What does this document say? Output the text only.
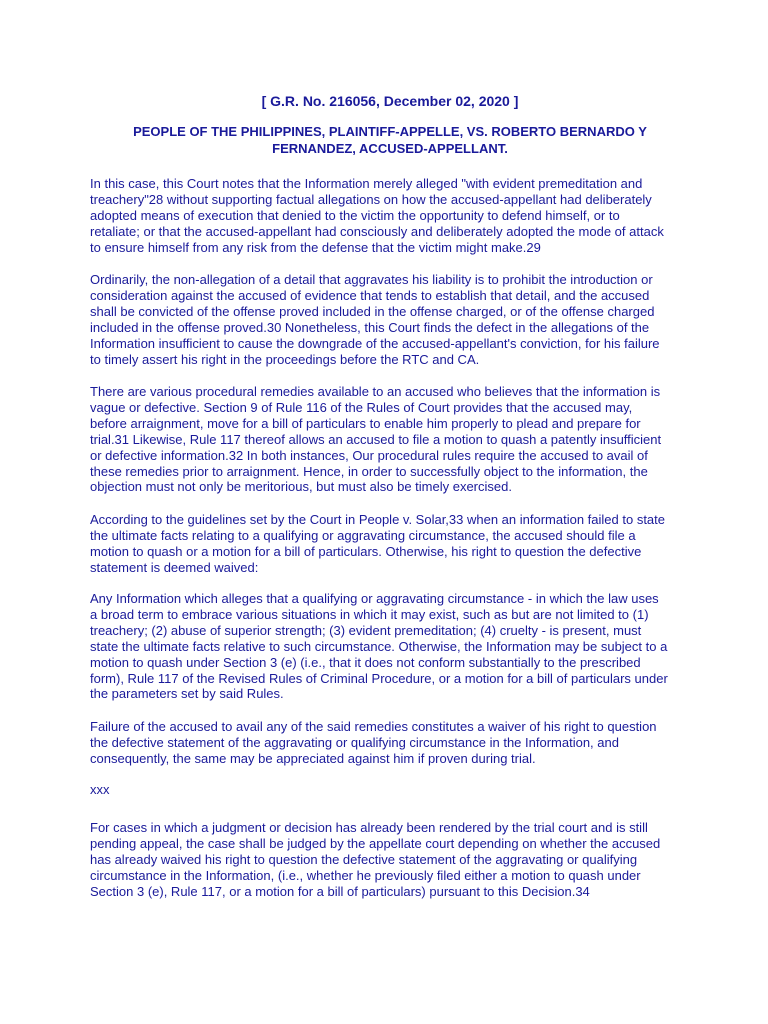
[ G.R. No. 216056, December 02, 2020 ]

PEOPLE OF THE PHILIPPINES, PLAINTIFF-APPELLE, VS. ROBERTO BERNARDO Y
FERNANDEZ, ACCUSED-APPELLANT.

In this case, this Court notes that the Information merely alleged "with evident premeditation and
treachery"28 without supporting factual allegations on how the accused-appellant had deliberately
adopted means of execution that denied to the victim the opportunity to defend himself, or to
retaliate; or that the accused-appellant had consciously and deliberately adopted the mode of attack
to ensure himself from any risk from the defense that the victim might make.29

Ordinarily, the non-allegation of a detail that aggravates his liability is to prohibit the introduction or
consideration against the accused of evidence that tends to establish that detail, and the accused
shall be convicted of the offense proved included in the offense charged, or of the offense charged
included in the offense proved.30 Nonetheless, this Court finds the defect in the allegations of the
Information insufficient to cause the downgrade of the accused-appellant's conviction, for his failure
to timely assert his right in the proceedings before the RTC and CA.

There are various procedural remedies available to an accused who believes that the information is
vague or defective. Section 9 of Rule 116 of the Rules of Court provides that the accused may,
before arraignment, move for a bill of particulars to enable him properly to plead and prepare for
trial.31 Likewise, Rule 117 thereof allows an accused to file a motion to quash a patently insufficient
or defective information.32 In both instances, Our procedural rules require the accused to avail of
these remedies prior to arraignment. Hence, in order to successfully object to the information, the
objection must not only be meritorious, but must also be timely exercised.

According to the guidelines set by the Court in People v. Solar,33 when an information failed to state
the ultimate facts relating to a qualifying or aggravating circumstance, the accused should file a
motion to quash or a motion for a bill of particulars. Otherwise, his right to question the defective
statement is deemed waived:

Any Information which alleges that a qualifying or aggravating circumstance - in which the law uses
a broad term to embrace various situations in which it may exist, such as but are not limited to (1)
treachery; (2) abuse of superior strength; (3) evident premeditation; (4) cruelty - is present, must
state the ultimate facts relative to such circumstance. Otherwise, the Information may be subject to a
motion to quash under Section 3 (e) (i.e., that it does not conform substantially to the prescribed
form), Rule 117 of the Revised Rules of Criminal Procedure, or a motion for a bill of particulars under
the parameters set by said Rules.

Failure of the accused to avail any of the said remedies constitutes a waiver of his right to question
the defective statement of the aggravating or qualifying circumstance in the Information, and
consequently, the same may be appreciated against him if proven during trial.

xxx

For cases in which a judgment or decision has already been rendered by the trial court and is still
pending appeal, the case shall be judged by the appellate court depending on whether the accused
has already waived his right to question the defective statement of the aggravating or qualifying
circumstance in the Information, (i.e., whether he previously filed either a motion to quash under
Section 3 (e), Rule 117, or a motion for a bill of particulars) pursuant to this Decision.34
